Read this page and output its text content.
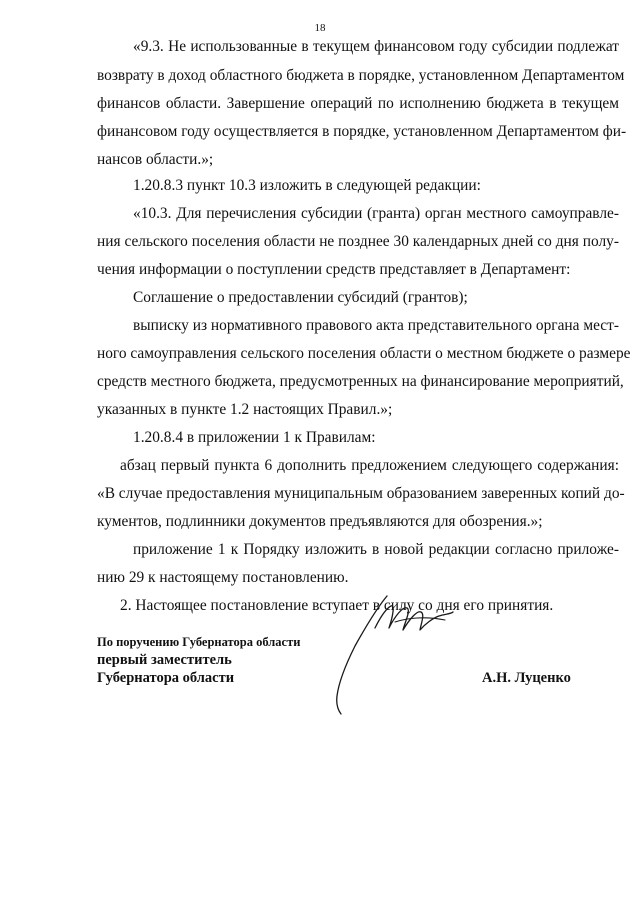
18
«9.3. Не использованные в текущем финансовом году субсидии подлежат
возврату в доход областного бюджета в порядке, установленном Департаментом
финансов области. Завершение операций по исполнению бюджета в текущем
финансовом году осуществляется в порядке, установленном Департаментом фи-
нансов области.»;
1.20.8.3 пункт 10.3 изложить в следующей редакции:
«10.3. Для перечисления субсидии (гранта) орган местного самоуправле-
ния сельского поселения области не позднее 30 календарных дней со дня полу-
чения информации о поступлении средств представляет в Департамент:
Соглашение о предоставлении субсидий (грантов);
выписку из нормативного правового акта представительного органа мест-
ного самоуправления сельского поселения области о местном бюджете о размере
средств местного бюджета, предусмотренных на финансирование мероприятий,
указанных в пункте 1.2 настоящих Правил.»;
1.20.8.4 в приложении 1 к Правилам:
абзац первый пункта 6 дополнить предложением следующего содержания:
«В случае предоставления муниципальным образованием заверенных копий до-
кументов, подлинники документов предъявляются для обозрения.»;
приложение 1 к Порядку изложить в новой редакции согласно приложе-
нию 29 к настоящему постановлению.
2. Настоящее постановление вступает в силу со дня его принятия.
По поручению Губернатора области
первый заместитель
Губернатора области	А.Н. Луценко
